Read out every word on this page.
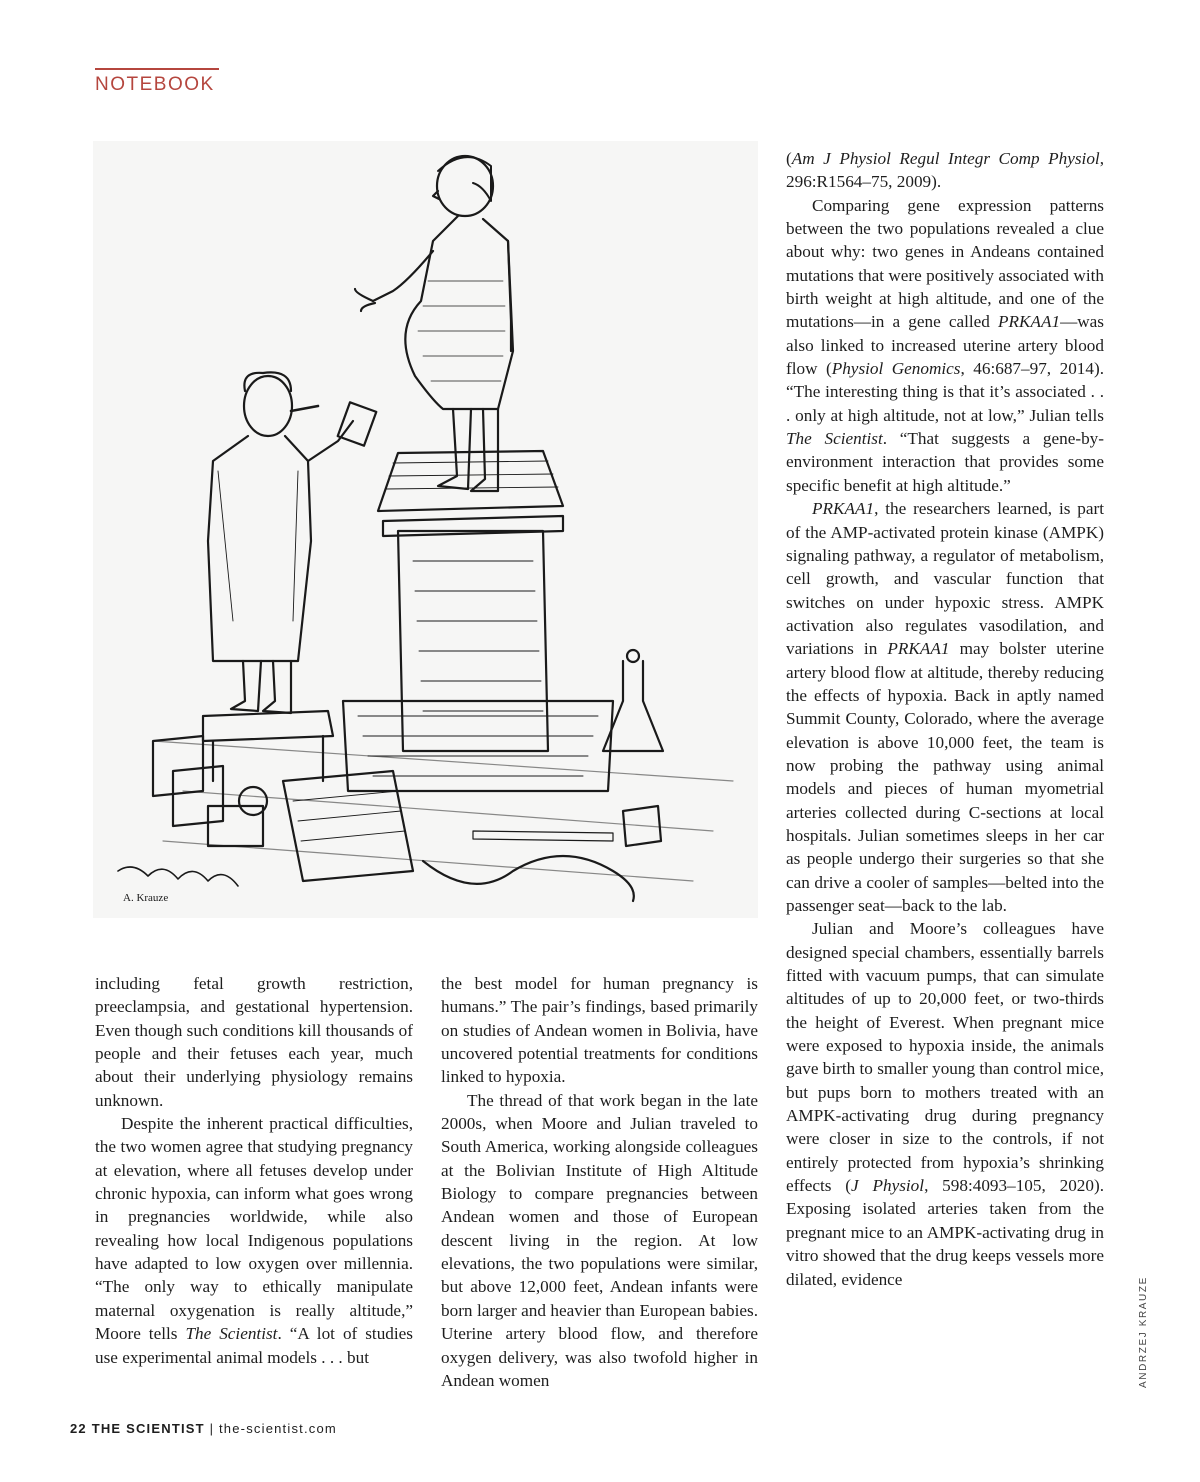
NOTEBOOK
A. Krauze

including fetal growth restriction, preeclampsia, and gestational hypertension. Even though such conditions kill thousands of people and their fetuses each year, much about their underlying physiology remains unknown.

Despite the inherent practical difficulties, the two women agree that studying pregnancy at elevation, where all fetuses develop under chronic hypoxia, can inform what goes wrong in pregnancies worldwide, while also revealing how local Indigenous populations have adapted to low oxygen over millennia. “The only way to ethically manipulate maternal oxygenation is really altitude,” Moore tells The Scientist. “A lot of studies use experimental animal models . . . but

the best model for human pregnancy is humans.” The pair’s findings, based primarily on studies of Andean women in Bolivia, have uncovered potential treatments for conditions linked to hypoxia.

The thread of that work began in the late 2000s, when Moore and Julian traveled to South America, working alongside colleagues at the Bolivian Institute of High Altitude Biology to compare pregnancies between Andean women and those of European descent living in the region. At low elevations, the two populations were similar, but above 12,000 feet, Andean infants were born larger and heavier than European babies. Uterine artery blood flow, and therefore oxygen delivery, was also twofold higher in Andean women

(Am J Physiol Regul Integr Comp Physiol, 296:R1564–75, 2009).

Comparing gene expression patterns between the two populations revealed a clue about why: two genes in Andeans contained mutations that were positively associated with birth weight at high altitude, and one of the mutations—in a gene called PRKAA1—was also linked to increased uterine artery blood flow (Physiol Genomics, 46:687–97, 2014). “The interesting thing is that it’s associated . . . only at high altitude, not at low,” Julian tells The Scientist. “That suggests a gene-by-environment interaction that provides some specific benefit at high altitude.”

PRKAA1, the researchers learned, is part of the AMP-activated protein kinase (AMPK) signaling pathway, a regulator of metabolism, cell growth, and vascular function that switches on under hypoxic stress. AMPK activation also regulates vasodilation, and variations in PRKAA1 may bolster uterine artery blood flow at altitude, thereby reducing the effects of hypoxia. Back in aptly named Summit County, Colorado, where the average elevation is above 10,000 feet, the team is now probing the pathway using animal models and pieces of human myometrial arteries collected during C-sections at local hospitals. Julian sometimes sleeps in her car as people undergo their surgeries so that she can drive a cooler of samples—belted into the passenger seat—back to the lab.

Julian and Moore’s colleagues have designed special chambers, essentially barrels fitted with vacuum pumps, that can simulate altitudes of up to 20,000 feet, or two-thirds the height of Everest. When pregnant mice were exposed to hypoxia inside, the animals gave birth to smaller young than control mice, but pups born to mothers treated with an AMPK-activating drug during pregnancy were closer in size to the controls, if not entirely protected from hypoxia’s shrinking effects (J Physiol, 598:4093–105, 2020). Exposing isolated arteries taken from the pregnant mice to an AMPK-activating drug in vitro showed that the drug keeps vessels more dilated, evidence	ANDRZEJ KRAUZE
22 THE SCIENTIST | the-scientist.com
